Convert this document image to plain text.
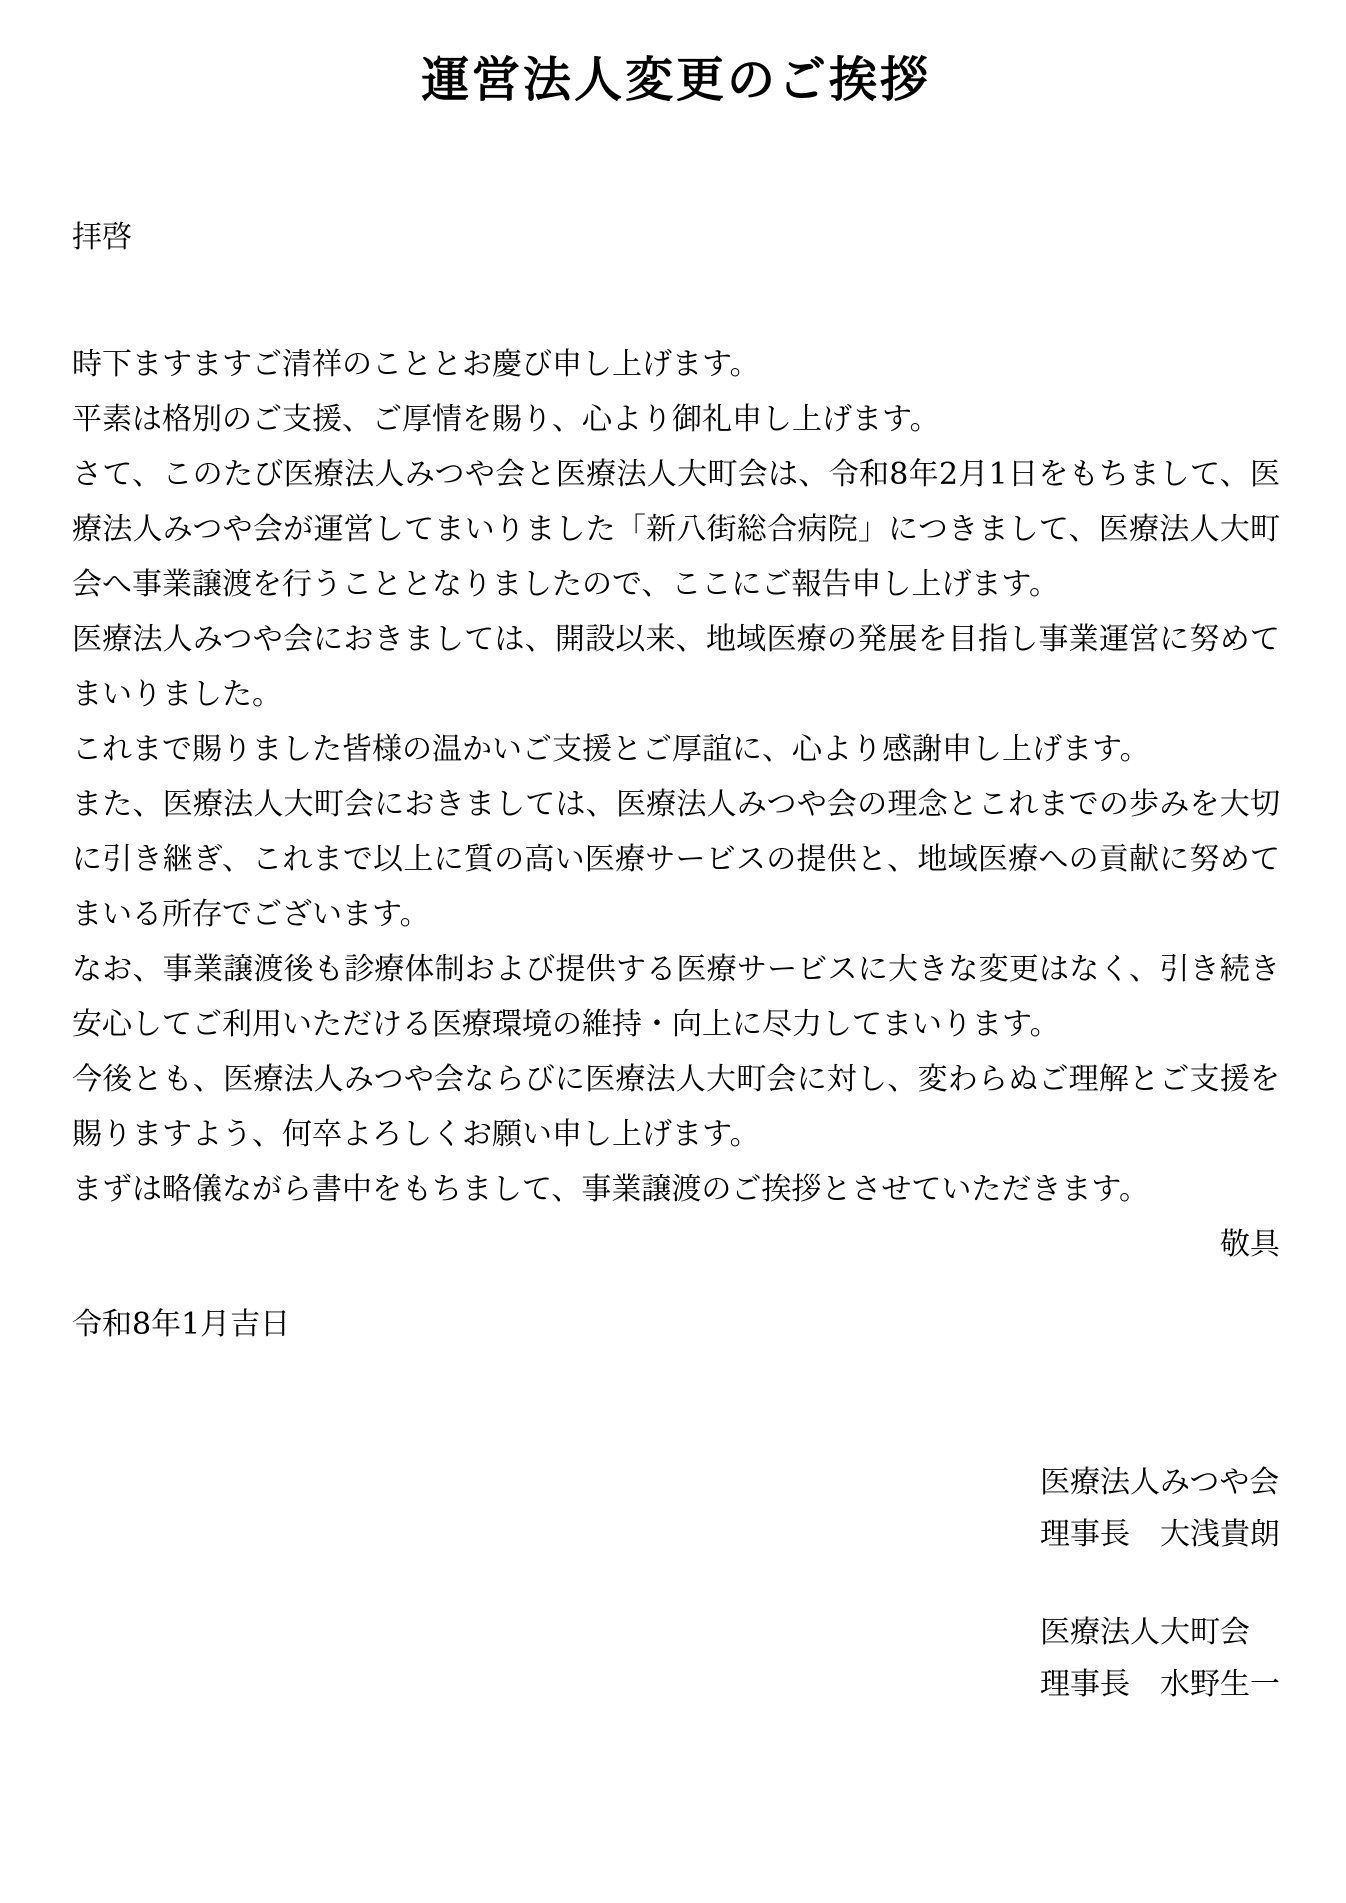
運営法人変更のご挨拶

拝啓

時下ますますご清祥のこととお慶び申し上げます。

平素は格別のご支援、ご厚情を賜り、心より御礼申し上げます。

さて、このたび医療法人みつや会と医療法人大町会は、令和8年2月1日をもちまして、医療法人みつや会が運営してまいりました「新八街総合病院」につきまして、医療法人大町会へ事業譲渡を行うこととなりましたので、ここにご報告申し上げます。

医療法人みつや会におきましては、開設以来、地域医療の発展を目指し事業運営に努めてまいりました。

これまで賜りました皆様の温かいご支援とご厚誼に、心より感謝申し上げます。

また、医療法人大町会におきましては、医療法人みつや会の理念とこれまでの歩みを大切に引き継ぎ、これまで以上に質の高い医療サービスの提供と、地域医療への貢献に努めてまいる所存でございます。

なお、事業譲渡後も診療体制および提供する医療サービスに大きな変更はなく、引き続き安心してご利用いただける医療環境の維持・向上に尽力してまいります。

今後とも、医療法人みつや会ならびに医療法人大町会に対し、変わらぬご理解とご支援を賜りますよう、何卒よろしくお願い申し上げます。

まずは略儀ながら書中をもちまして、事業譲渡のご挨拶とさせていただきます。

敬具

令和8年1月吉日

医療法人みつや会

理事長　大浅貴朗

医療法人大町会

理事長　水野生一
